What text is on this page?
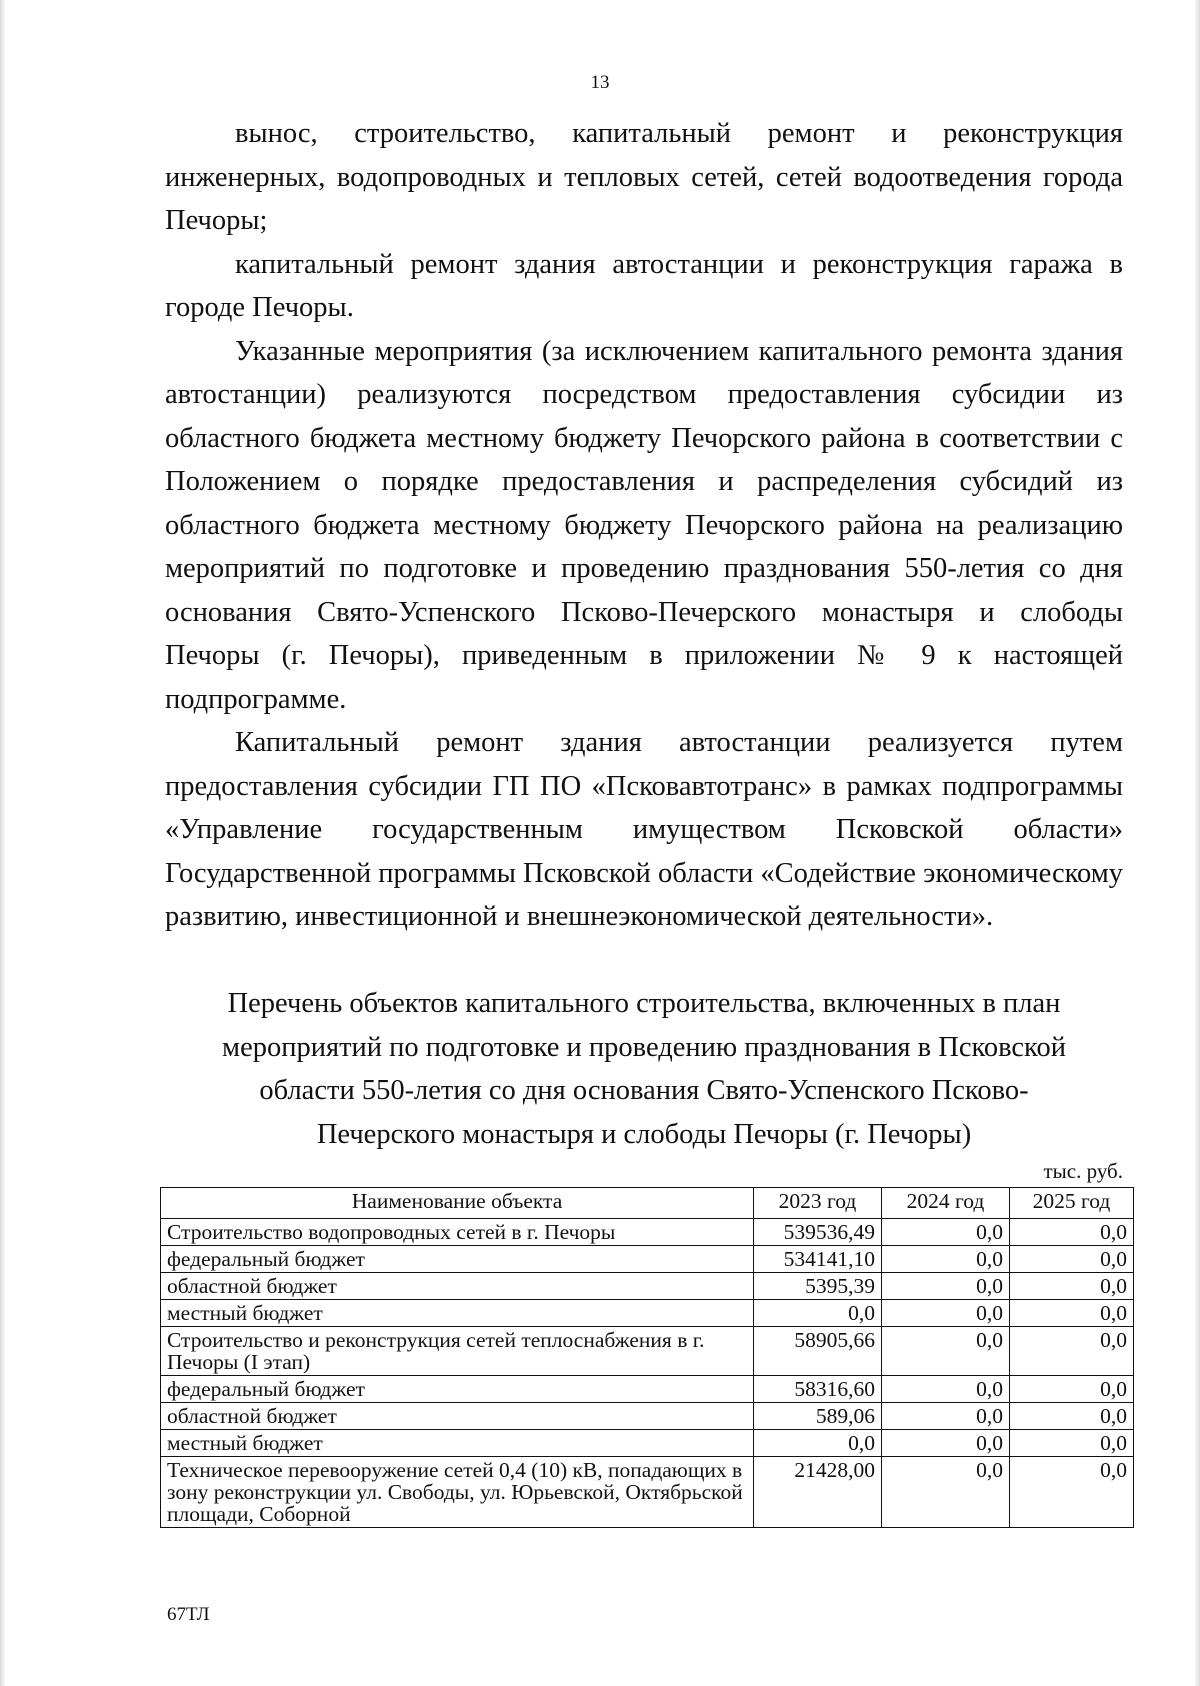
13

вынос, строительство, капитальный ремонт и реконструкция инженерных, водопроводных и тепловых сетей, сетей водоотведения города Печоры;

капитальный ремонт здания автостанции и реконструкция гаража в городе Печоры.

Указанные мероприятия (за исключением капитального ремонта здания автостанции) реализуются посредством предоставления субсидии из областного бюджета местному бюджету Печорского района в соответствии с Положением о порядке предоставления и распределения субсидий из областного бюджета местному бюджету Печорского района на реализацию мероприятий по подготовке и проведению празднования 550-летия со дня основания Свято-Успенского Псково-Печерского монастыря и слободы Печоры (г. Печоры), приведенным в приложении № 9 к настоящей подпрограмме.

Капитальный ремонт здания автостанции реализуется путем предоставления субсидии ГП ПО «Псковавтотранс» в рамках подпрограммы «Управление государственным имуществом Псковской области» Государственной программы Псковской области «Содействие экономическому развитию, инвестиционной и внешнеэкономической деятельности».

Перечень объектов капитального строительства, включенных в план

мероприятий по подготовке и проведению празднования в Псковской

области 550-летия со дня основания Свято-Успенского Псково-

Печерского монастыря и слободы Печоры (г. Печоры)

тыс. руб.
Наименование объекта	2023 год	2024 год	2025 год
Строительство водопроводных сетей в г. Печоры	539536,49	0,0	0,0
федеральный бюджет	534141,10	0,0	0,0
областной бюджет	5395,39	0,0	0,0
местный бюджет	0,0	0,0	0,0
Строительство и реконструкция сетей теплоснабжения в г. Печоры (I этап)	58905,66	0,0	0,0
федеральный бюджет	58316,60	0,0	0,0
областной бюджет	589,06	0,0	0,0
местный бюджет	0,0	0,0	0,0
Техническое перевооружение сетей 0,4 (10) кВ, попадающих в зону реконструкции ул. Свободы, ул. Юрьевской, Октябрьской площади, Соборной	21428,00	0,0	0,0
67ТЛ
